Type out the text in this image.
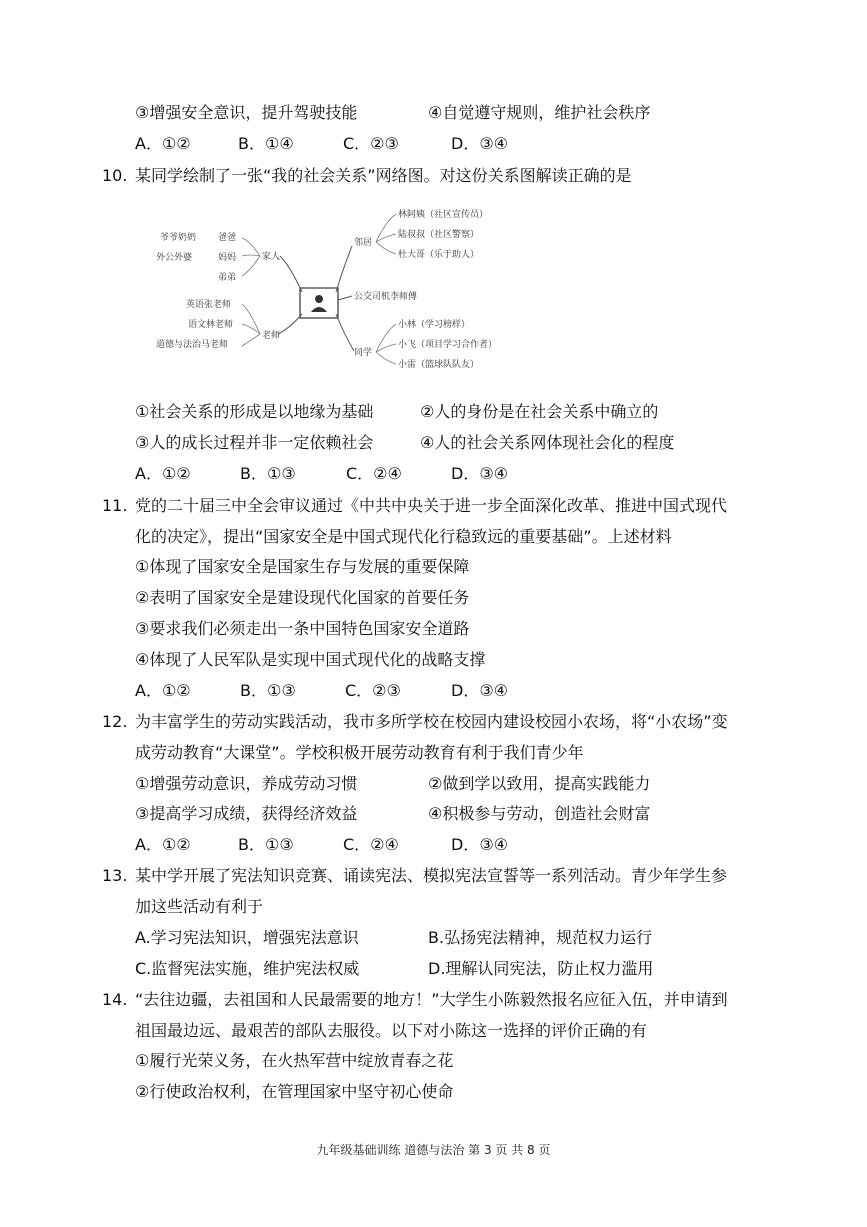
③增强安全意识，提升驾驶技能	④自觉遵守规则，维护社会秩序
A．①②	B．①④	C．②③	D．③④
10. 某同学绘制了一张“我的社会关系”网络图。对这份关系图解读正确的是
家人
爷爷奶奶
外公外婆
爸爸
妈妈
弟弟
老师
英语张老师
语文林老师
道德与法治马老师
邻居
林阿姨（社区宣传员）
陆叔叔（社区警察）
杜大哥（乐于助人）
公交司机李师傅
同学
小林（学习榜样）
小飞（项目学习合作者）
小雷（篮球队队友）
①社会关系的形成是以地缘为基础	②人的身份是在社会关系中确立的
③人的成长过程并非一定依赖社会	④人的社会关系网体现社会化的程度
A．①②	B．①③	C．②④	D．③④
11. 党的二十届三中全会审议通过《中共中央关于进一步全面深化改革、推进中国式现代
化的决定》，提出“国家安全是中国式现代化行稳致远的重要基础”。上述材料
①体现了国家安全是国家生存与发展的重要保障
②表明了国家安全是建设现代化国家的首要任务
③要求我们必须走出一条中国特色国家安全道路
④体现了人民军队是实现中国式现代化的战略支撑
A．①②	B．①③	C．②③	D．③④
12. 为丰富学生的劳动实践活动，我市多所学校在校园内建设校园小农场，将“小农场”变
成劳动教育“大课堂”。学校积极开展劳动教育有利于我们青少年
①增强劳动意识，养成劳动习惯	②做到学以致用，提高实践能力
③提高学习成绩，获得经济效益	④积极参与劳动，创造社会财富
A．①②	B．①③	C．②④	D．③④
13. 某中学开展了宪法知识竞赛、诵读宪法、模拟宪法宣誓等一系列活动。青少年学生参
加这些活动有利于
A.学习宪法知识，增强宪法意识	B.弘扬宪法精神，规范权力运行
C.监督宪法实施，维护宪法权威	D.理解认同宪法，防止权力滥用
14. “去往边疆，去祖国和人民最需要的地方！”大学生小陈毅然报名应征入伍，并申请到
祖国最边远、最艰苦的部队去服役。以下对小陈这一选择的评价正确的有
①履行光荣义务，在火热军营中绽放青春之花
②行使政治权利，在管理国家中坚守初心使命
九年级基础训练 道德与法治 第 3 页 共 8 页
